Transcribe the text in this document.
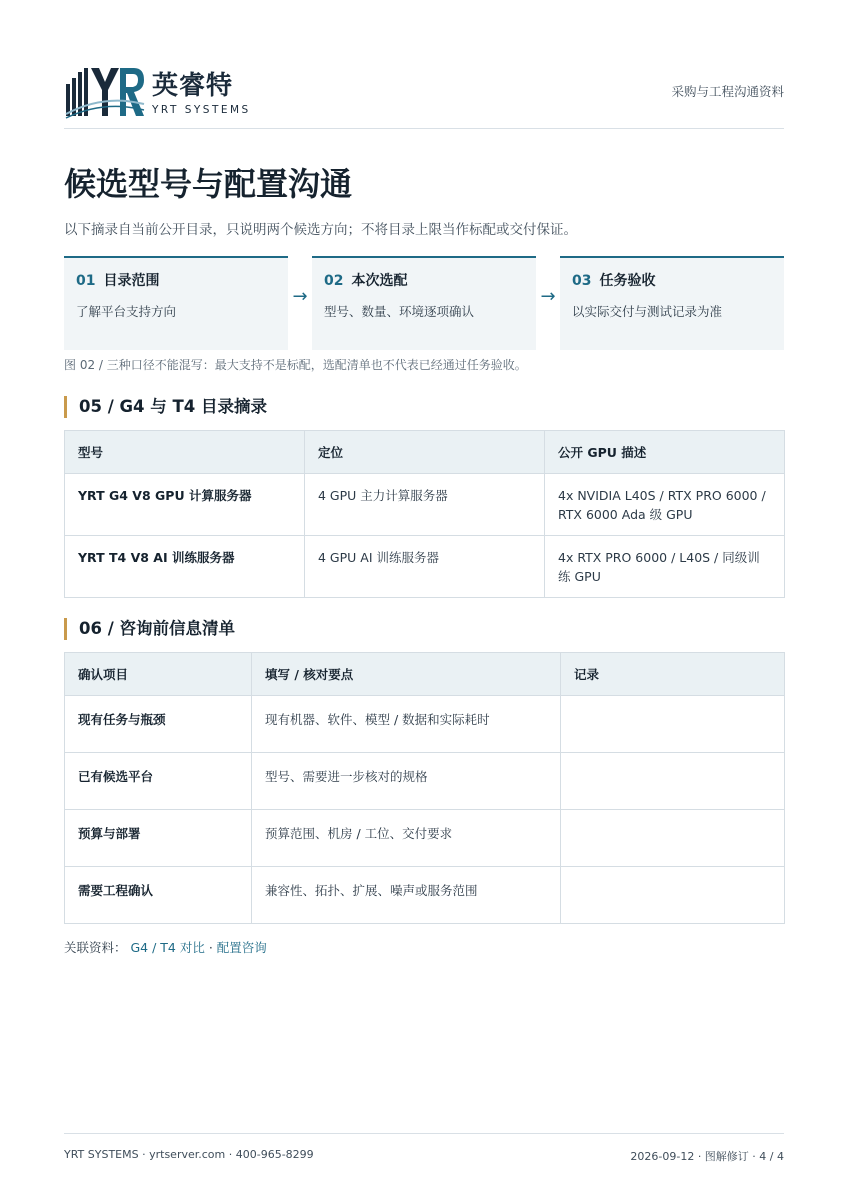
英睿特
YRT SYSTEMS
采购与工程沟通资料
候选型号与配置沟通
以下摘录自当前公开目录，只说明两个候选方向；不将目录上限当作标配或交付保证。
01 目录范围
了解平台支持方向
→
02 本次选配
型号、数量、环境逐项确认
→
03 任务验收
以实际交付与测试记录为准
图 02 / 三种口径不能混写：最大支持不是标配，选配清单也不代表已经通过任务验收。
05 / G4 与 T4 目录摘录
型号	定位	公开 GPU 描述
YRT G4 V8 GPU 计算服务器	4 GPU 主力计算服务器	4x NVIDIA L40S / RTX PRO 6000 / RTX 6000 Ada 级 GPU
YRT T4 V8 AI 训练服务器	4 GPU AI 训练服务器	4x RTX PRO 6000 / L40S / 同级训练 GPU
06 / 咨询前信息清单
确认项目	填写 / 核对要点	记录
现有任务与瓶颈	现有机器、软件、模型 / 数据和实际耗时	
已有候选平台	型号、需要进一步核对的规格	
预算与部署	预算范围、机房 / 工位、交付要求	
需要工程确认	兼容性、拓扑、扩展、噪声或服务范围	
关联资料： G4 / T4 对比 · 配置咨询
YRT SYSTEMS · yrtserver.com · 400-965-8299	2026-09-12 · 图解修订 · 4 / 4
